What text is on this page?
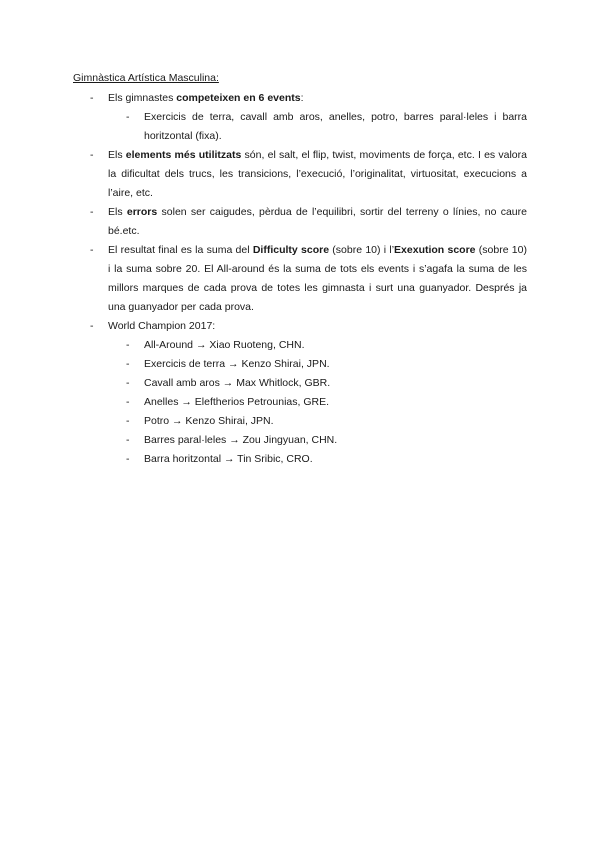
Gimnàstica Artística Masculina:
- Els gimnastes competeixen en 6 events:
- Exercicis de terra, cavall amb aros, anelles, potro, barres paral·leles i barra horitzontal (fixa).
- Els elements més utilitzats són, el salt, el flip, twist, moviments de força, etc. I es valora la dificultat dels trucs, les transicions, l’execució, l’originalitat, virtuositat, execucions a l’aire, etc.
- Els errors solen ser caigudes, pèrdua de l’equilibri, sortir del terreny o línies, no caure bé.etc.
- El resultat final es la suma del Difficulty score (sobre 10) i l’Exexution score (sobre 10) i la suma sobre 20. El All-around és la suma de tots els events i s’agafa la suma de les millors marques de cada prova de totes les gimnasta i surt una guanyador. Després ja una guanyador per cada prova.
- World Champion 2017:
- All-Around → Xiao Ruoteng, CHN.
- Exercicis de terra → Kenzo Shirai, JPN.
- Cavall amb aros → Max Whitlock, GBR.
- Anelles → Eleftherios Petrounias, GRE.
- Potro → Kenzo Shirai, JPN.
- Barres paral·leles → Zou Jingyuan, CHN.
- Barra horitzontal → Tin Sribic, CRO.
